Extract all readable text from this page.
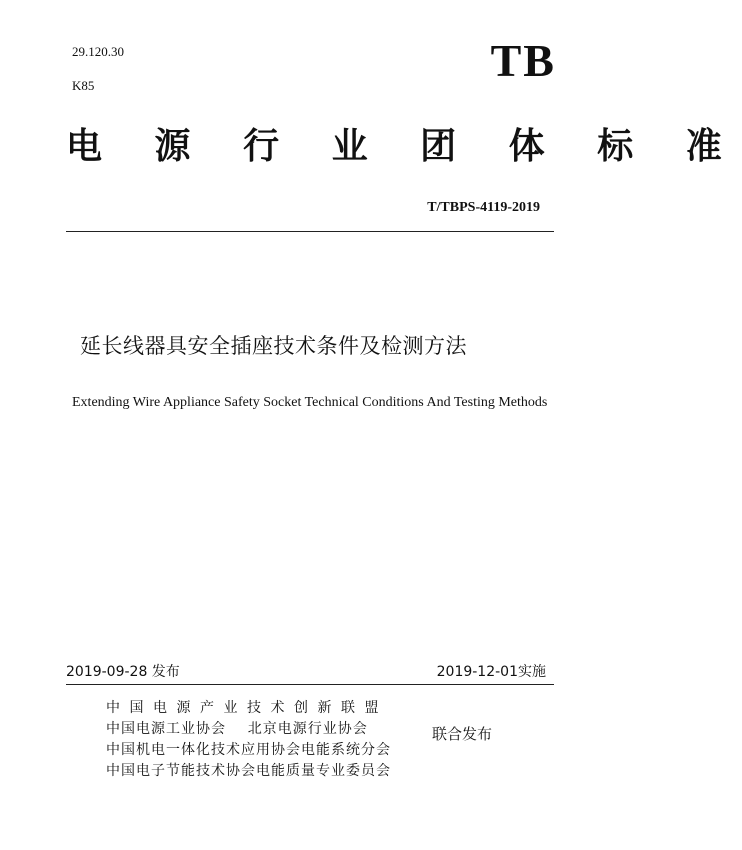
29.120.30
K85	TB
电 源 行 业 团 体 标 准
T/TBPS-4119-2019
延长线器具安全插座技术条件及检测方法
Extending Wire Appliance Safety Socket Technical Conditions And Testing Methods
2019-09-28 发布	2019-12-01实施
中国电源产业技术创新联盟
中国电源工业协会    北京电源行业协会
中国机电一体化技术应用协会电能系统分会
中国电子节能技术协会电能质量专业委员会
联合发布
